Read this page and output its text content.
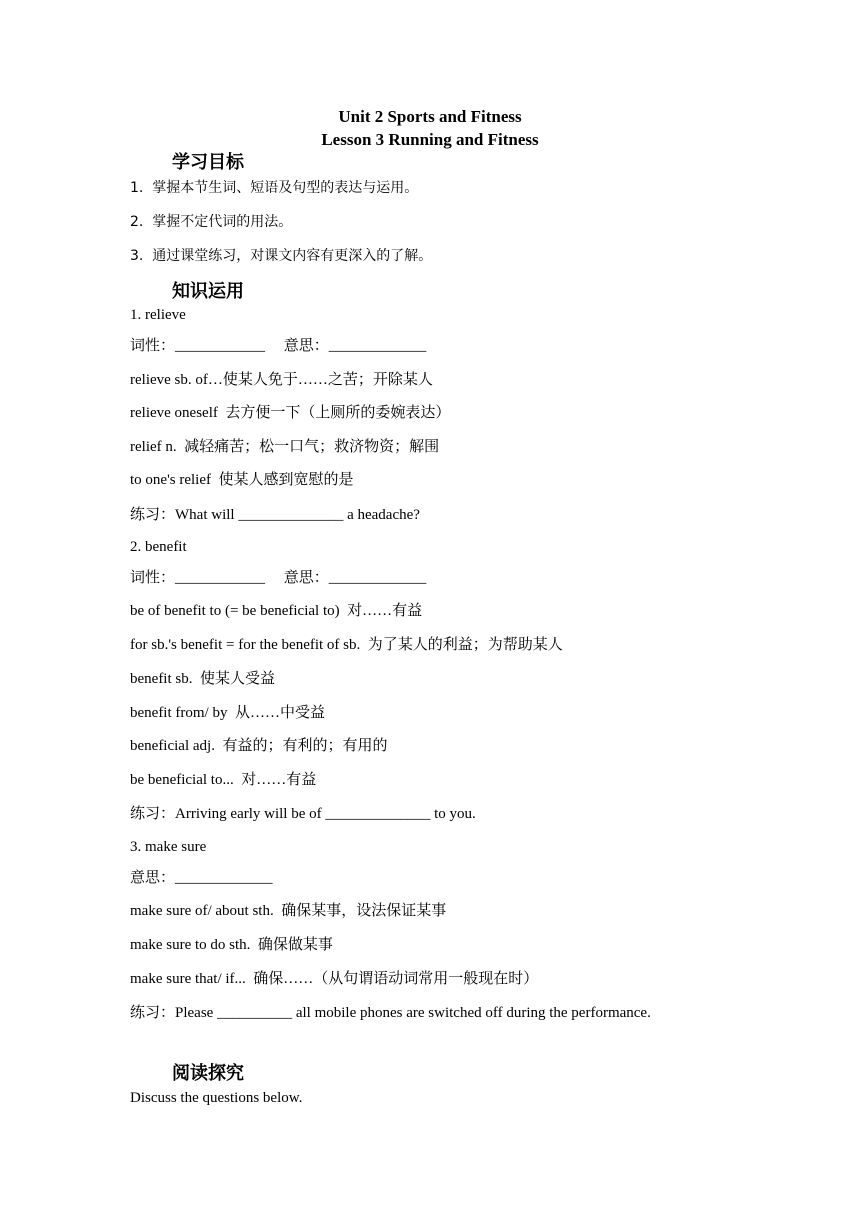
Unit 2 Sports and Fitness
Lesson 3 Running and Fitness
学习目标
1.  掌握本节生词、短语及句型的表达与运用。
2.  掌握不定代词的用法。
3.  通过课堂练习，对课文内容有更深入的了解。
知识运用
1. relieve
词性：____________     意思：_____________
relieve sb. of…使某人免于……之苦；开除某人
relieve oneself  去方便一下（上厕所的委婉表达）
relief n.  减轻痛苦；松一口气；救济物资；解围
to one's relief  使某人感到宽慰的是
练习：What will ______________ a headache?
2. benefit
词性：____________     意思：_____________
be of benefit to (= be beneficial to)  对……有益
for sb.'s benefit = for the benefit of sb.  为了某人的利益；为帮助某人
benefit sb.  使某人受益
benefit from/ by  从……中受益
beneficial adj.  有益的；有利的；有用的
be beneficial to...  对……有益
练习：Arriving early will be of ______________ to you.
3. make sure
意思：_____________
make sure of/ about sth.  确保某事，设法保证某事
make sure to do sth.  确保做某事
make sure that/ if...  确保……（从句谓语动词常用一般现在时）
练习：Please __________ all mobile phones are switched off during the performance.
阅读探究
Discuss the questions below.
